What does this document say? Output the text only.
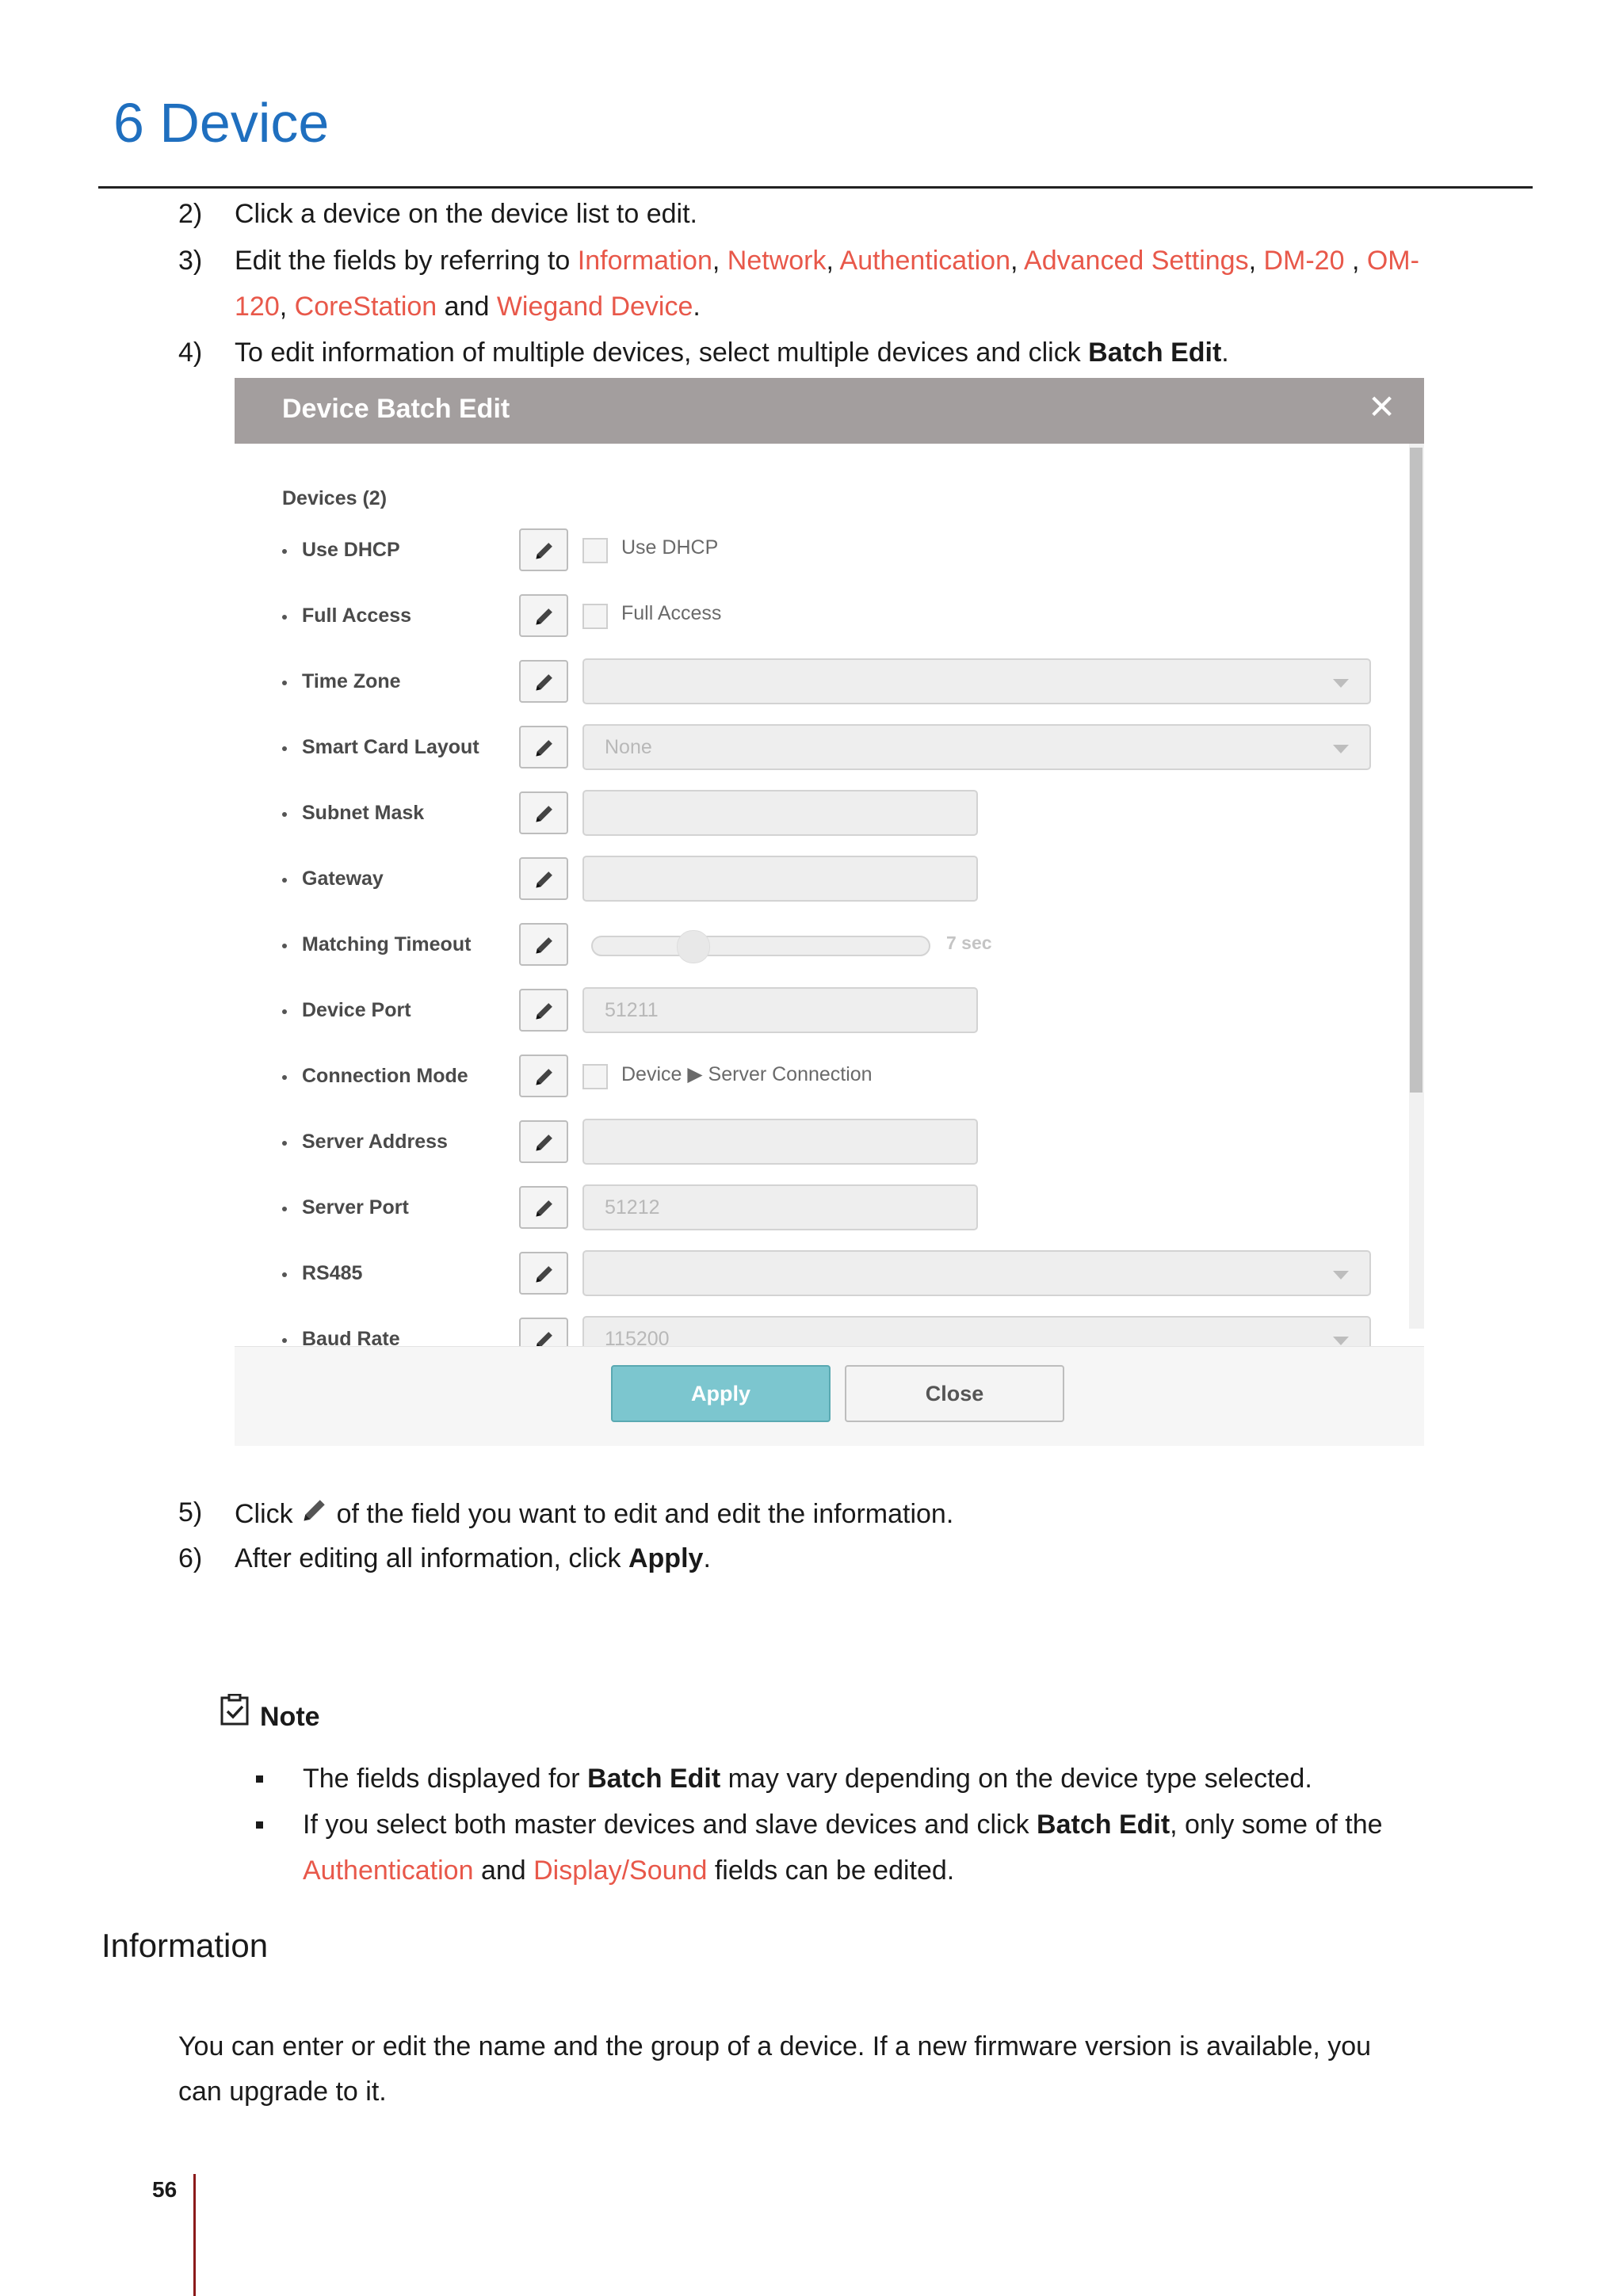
6 Device
2) Click a device on the device list to edit.
3) Edit the fields by referring to Information, Network, Authentication, Advanced Settings, DM-20 , OM-
120, CoreStation and Wiegand Device.
4) To edit information of multiple devices, select multiple devices and click Batch Edit.
Device Batch Edit	✕
Devices (2)
Use DHCP	Use DHCP
Full Access	Full Access
Time Zone
Smart Card Layout	None
Subnet Mask
Gateway
Matching Timeout	7 sec
Device Port	51211
Connection Mode	Device ▶ Server Connection
Server Address
Server Port	51212
RS485
Baud Rate	115200
Apply	Close
5) Click of the field you want to edit and edit the information.
6) After editing all information, click Apply.
Note
The fields displayed for Batch Edit may vary depending on the device type selected.
If you select both master devices and slave devices and click Batch Edit, only some of the
Authentication and Display/Sound fields can be edited.
Information
You can enter or edit the name and the group of a device. If a new firmware version is available, you
can upgrade to it.
56
